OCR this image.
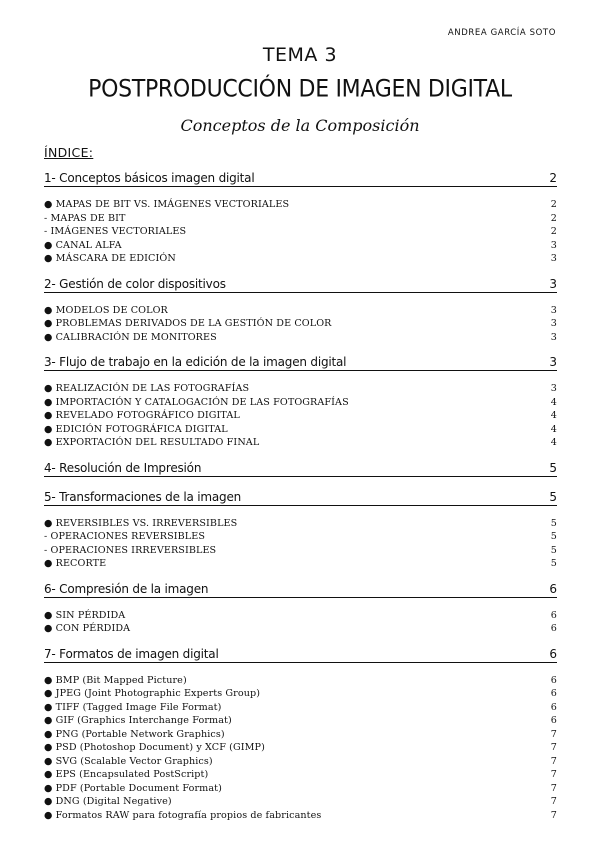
ANDREA GARCÍA SOTO
TEMA 3
POSTPRODUCCIÓN DE IMAGEN DIGITAL
Conceptos de la Composición
ÍNDICE:
1- Conceptos básicos imagen digital	2
● MAPAS DE BIT VS. IMÁGENES VECTORIALES	2
- MAPAS DE BIT	2
- IMÁGENES VECTORIALES	2
● CANAL ALFA	3
● MÁSCARA DE EDICIÓN	3
2- Gestión de color dispositivos	3
● MODELOS DE COLOR	3
● PROBLEMAS DERIVADOS DE LA GESTIÓN DE COLOR	3
● CALIBRACIÓN DE MONITORES	3
3- Flujo de trabajo en la edición de la imagen digital	3
● REALIZACIÓN DE LAS FOTOGRAFÍAS	3
● IMPORTACIÓN Y CATALOGACIÓN DE LAS FOTOGRAFÍAS	4
● REVELADO FOTOGRÁFICO DIGITAL	4
● EDICIÓN FOTOGRÁFICA DIGITAL	4
● EXPORTACIÓN DEL RESULTADO FINAL	4
4- Resolución de Impresión	5
5- Transformaciones de la imagen	5
● REVERSIBLES VS. IRREVERSIBLES	5
- OPERACIONES REVERSIBLES	5
- OPERACIONES IRREVERSIBLES	5
● RECORTE	5
6- Compresión de la imagen	6
● SIN PÉRDIDA	6
● CON PÉRDIDA	6
7- Formatos de imagen digital	6
● BMP (Bit Mapped Picture)	6
● JPEG (Joint Photographic Experts Group)	6
● TIFF (Tagged Image File Format)	6
● GIF (Graphics Interchange Format)	6
● PNG (Portable Network Graphics)	7
● PSD (Photoshop Document) y XCF (GIMP)	7
● SVG (Scalable Vector Graphics)	7
● EPS (Encapsulated PostScript)	7
● PDF (Portable Document Format)	7
● DNG (Digital Negative)	7
● Formatos RAW para fotografía propios de fabricantes	7
